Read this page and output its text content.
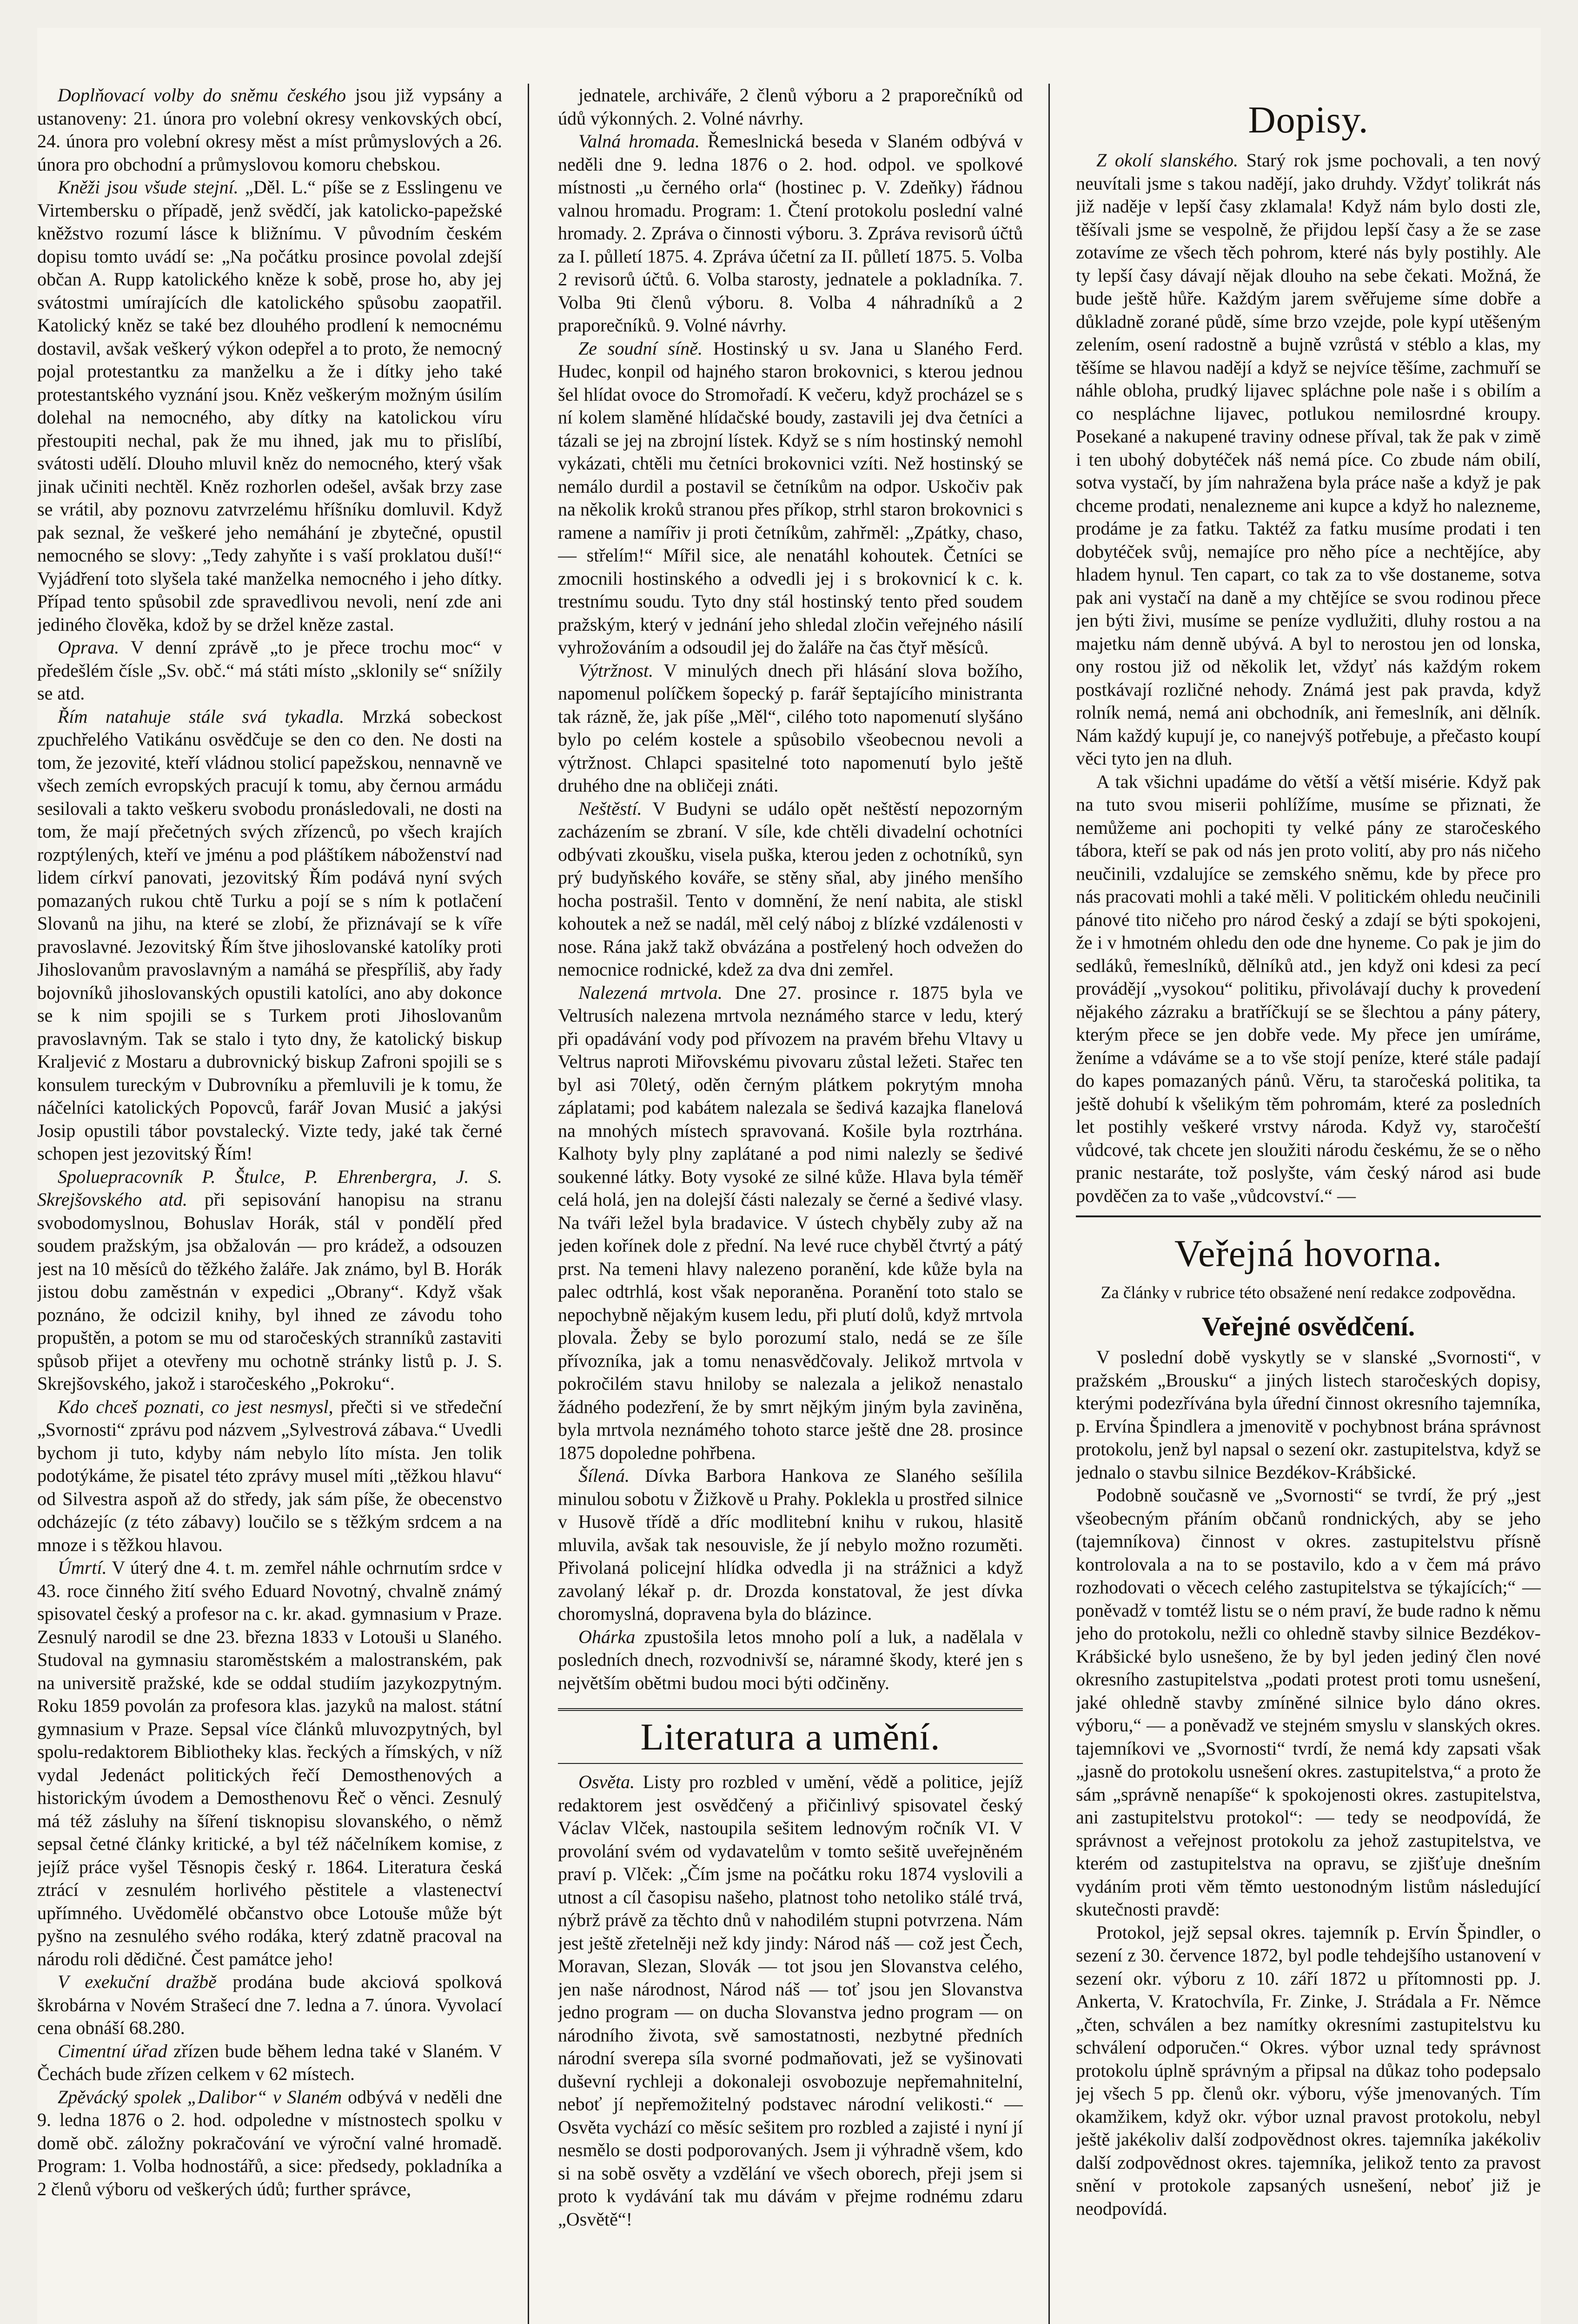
Doplňovací volby do sněmu českého jsou již vypsány a ustanoveny: 21. února pro volební okresy venkovských obcí, 24. února pro volební okresy měst a míst průmyslových a 26. února pro obchodní a průmyslovou komoru chebskou.

Kněži jsou všude stejní. „Děl. L.“ píše se z Esslingenu ve Virtembersku o případě, jenž svědčí, jak katolicko-papežské kněžstvo rozumí lásce k bližnímu. V původním českém dopisu tomto uvádí se: „Na počátku prosince povolal zdejší občan A. Rupp katolického kněze k sobě, prose ho, aby jej svátostmi umírajících dle katolického spůsobu zaopatřil. Katolický kněz se také bez dlouhého prodlení k nemocnému dostavil, avšak veškerý výkon odepřel a to proto, že nemocný pojal protestantku za manželku a že i dítky jeho také protestantského vyznání jsou. Kněz veškerým možným úsilím dolehal na nemocného, aby dítky na katolickou víru přestoupiti nechal, pak že mu ihned, jak mu to přislíbí, svátosti udělí. Dlouho mluvil kněz do nemocného, který však jinak učiniti nechtěl. Kněz rozhorlen odešel, avšak brzy zase se vrátil, aby poznovu zatvrzelému hříšníku domluvil. Když pak seznal, že veškeré jeho nemáhání je zbytečné, opustil nemocného se slovy: „Tedy zahyňte i s vaší proklatou duší!“ Vyjádření toto slyšela také manželka nemocného i jeho dítky. Případ tento spůsobil zde spravedlivou nevoli, není zde ani jediného člověka, kdož by se držel kněze zastal.

Oprava. V denní zprávě „to je přece trochu moc“ v předešlém čísle „Sv. obč.“ má státi místo „sklonily se“ snížily se atd.

Řím natahuje stále svá tykadla. Mrzká sobeckost zpuchřelého Vatikánu osvědčuje se den co den. Ne dosti na tom, že jezovité, kteří vládnou stolicí papežskou, nennavně ve všech zemích evropských pracují k tomu, aby černou armádu sesilovali a takto veškeru svobodu pronásledovali, ne dosti na tom, že mají přečetných svých zřízenců, po všech krajích rozptýlených, kteří ve jménu a pod pláštíkem náboženství nad lidem církví panovati, jezovitský Řím podává nyní svých pomazaných rukou chtě Turku a pojí se s ním k potlačení Slovanů na jihu, na které se zlobí, že přiznávají se k víře pravoslavné. Jezovitský Řím štve jihoslovanské katolíky proti Jihoslovanům pravoslavným a namáhá se přespříliš, aby řady bojovníků jihoslovanských opustili katolíci, ano aby dokonce se k nim spojili se s Turkem proti Jihoslovanům pravoslavným. Tak se stalo i tyto dny, že katolický biskup Kraljević z Mostaru a dubrovnický biskup Zafroni spojili se s konsulem tureckým v Dubrovníku a přemluvili je k tomu, že náčelníci katolických Popovců, farář Jovan Musić a jakýsi Josip opustili tábor povstalecký. Vizte tedy, jaké tak černé schopen jest jezovitský Řím!

Spoluepracovník P. Štulce, P. Ehrenbergra, J. S. Skrejšovského atd. při sepisování hanopisu na stranu svobodomyslnou, Bohuslav Horák, stál v pondělí před soudem pražským, jsa obžalován — pro krádež, a odsouzen jest na 10 měsíců do těžkého žaláře. Jak známo, byl B. Horák jistou dobu zaměstnán v expedici „Obrany“. Když však poznáno, že odcizil knihy, byl ihned ze závodu toho propuštěn, a potom se mu od staročeských stranníků zastaviti spůsob přijet a otevřeny mu ochotně stránky listů p. J. S. Skrejšovského, jakož i staročeského „Pokroku“.

Kdo chceš poznati, co jest nesmysl, přečti si ve středeční „Svornosti“ zprávu pod názvem „Sylvestrová zábava.“ Uvedli bychom ji tuto, kdyby nám nebylo líto místa. Jen tolik podotýkáme, že pisatel této zprávy musel míti „těžkou hlavu“ od Silvestra aspoň až do středy, jak sám píše, že obecenstvo odcházejíc (z této zábavy) loučilo se s těžkým srdcem a na mnoze i s těžkou hlavou.

Úmrtí. V úterý dne 4. t. m. zemřel náhle ochrnutím srdce v 43. roce činného žití svého Eduard Novotný, chvalně známý spisovatel český a profesor na c. kr. akad. gymnasium v Praze. Zesnulý narodil se dne 23. března 1833 v Lotouši u Slaného. Studoval na gymnasiu staroměstském a malostranském, pak na universitě pražské, kde se oddal studiím jazykozpytným. Roku 1859 povolán za profesora klas. jazyků na malost. státní gymnasium v Praze. Sepsal více článků mluvozpytných, byl spolu-redaktorem Bibliotheky klas. řeckých a římských, v níž vydal Jedenáct politických řečí Demosthenových a historickým úvodem a Demosthenovu Řeč o věnci. Zesnulý má též zásluhy na šíření tisknopisu slovanského, o němž sepsal četné články kritické, a byl též náčelníkem komise, z jejíž práce vyšel Těsnopis český r. 1864. Literatura česká ztrácí v zesnulém horlivého pěstitele a vlastenectví upřímného. Uvědomělé občanstvo obce Lotouše může být pyšno na zesnulého svého rodáka, který zdatně pracoval na národu roli dědičné. Čest památce jeho!

V exekuční dražbě prodána bude akciová spolková škrobárna v Novém Strašecí dne 7. ledna a 7. února. Vyvolací cena obnáší 68.280.

Cimentní úřad zřízen bude během ledna také v Slaném. V Čechách bude zřízen celkem v 62 místech.

Zpěvácký spolek „Dalibor“ v Slaném odbývá v neděli dne 9. ledna 1876 o 2. hod. odpoledne v místnostech spolku v domě obč. záložny pokračování ve výroční valné hromadě. Program: 1. Volba hodnostářů, a sice: předsedy, pokladníka a 2 členů výboru od veškerých údů; further správce,

jednatele, archiváře, 2 členů výboru a 2 praporečníků od údů výkonných. 2. Volné návrhy.

Valná hromada. Řemeslnická beseda v Slaném odbývá v neděli dne 9. ledna 1876 o 2. hod. odpol. ve spolkové místnosti „u černého orla“ (hostinec p. V. Zdeňky) řádnou valnou hromadu. Program: 1. Čtení protokolu poslední valné hromady. 2. Zpráva o činnosti výboru. 3. Zpráva revisorů účtů za I. půlletí 1875. 4. Zpráva účetní za II. půlletí 1875. 5. Volba 2 revisorů účtů. 6. Volba starosty, jednatele a pokladníka. 7. Volba 9ti členů výboru. 8. Volba 4 náhradníků a 2 praporečníků. 9. Volné návrhy.

Ze soudní síně. Hostinský u sv. Jana u Slaného Ferd. Hudec, konpil od hajného staron brokovnici, s kterou jednou šel hlídat ovoce do Stromořadí. K večeru, když procházel se s ní kolem slaměné hlídačské boudy, zastavili jej dva četníci a tázali se jej na zbrojní lístek. Když se s ním hostinský nemohl vykázati, chtěli mu četníci brokovnici vzíti. Než hostinský se nemálo durdil a postavil se četníkům na odpor. Uskočiv pak na několik kroků stranou přes příkop, strhl staron brokovnici s ramene a namířiv ji proti četníkům, zahřměl: „Zpátky, chaso, — střelím!“ Mířil sice, ale nenatáhl kohoutek. Četníci se zmocnili hostinského a odvedli jej i s brokovnicí k c. k. trestnímu soudu. Tyto dny stál hostinský tento před soudem pražským, který v jednání jeho shledal zločin veřejného násilí vyhrožováním a odsoudil jej do žaláře na čas čtyř měsíců.

Výtržnost. V minulých dnech při hlásání slova božího, napomenul políčkem šopecký p. farář šeptajícího ministranta tak rázně, že, jak píše „Měl“, cilého toto napomenutí slyšáno bylo po celém kostele a spůsobilo všeobecnou nevoli a výtržnost. Chlapci spasitelné toto napomenutí bylo ještě druhého dne na obličeji znáti.

Neštěstí. V Budyni se událo opět neštěstí nepozorným zacházením se zbraní. V síle, kde chtěli divadelní ochotníci odbývati zkoušku, visela puška, kterou jeden z ochotníků, syn prý budyňského kováře, se stěny sňal, aby jiného menšího hocha postrašil. Tento v domnění, že není nabita, ale stiskl kohoutek a než se nadál, měl celý náboj z blízké vzdálenosti v nose. Rána jakž takž obvázána a postřelený hoch odvežen do nemocnice rodnické, kdež za dva dni zemřel.

Nalezená mrtvola. Dne 27. prosince r. 1875 byla ve Veltrusích nalezena mrtvola neznámého starce v ledu, který při opadávání vody pod přívozem na pravém břehu Vltavy u Veltrus naproti Miřovskému pivovaru zůstal ležeti. Stařec ten byl asi 70letý, oděn černým plátkem pokrytým mnoha záplatami; pod kabátem nalezala se šedivá kazajka flanelová na mnohých místech spravovaná. Košile byla roztrhána. Kalhoty byly plny zaplátané a pod nimi nalezly se šedivé soukenné látky. Boty vysoké ze silné kůže. Hlava byla téměř celá holá, jen na dolejší části nalezaly se černé a šedivé vlasy. Na tváři ležel byla bradavice. V ústech chyběly zuby až na jeden kořínek dole z přední. Na levé ruce chyběl čtvrtý a pátý prst. Na temeni hlavy nalezeno poranění, kde kůže byla na palec odtrhlá, kost však neporaněna. Poranění toto stalo se nepochybně nějakým kusem ledu, při plutí dolů, když mrtvola plovala. Žeby se bylo porozumí stalo, nedá se ze šíle přívozníka, jak a tomu nenasvědčovaly. Jelikož mrtvola v pokročilém stavu hniloby se nalezala a jelikož nenastalo žádného podezření, že by smrt nějkým jiným byla zaviněna, byla mrtvola neznámého tohoto starce ještě dne 28. prosince 1875 dopoledne pohřbena.

Šílená. Dívka Barbora Hankova ze Slaného sešílila minulou sobotu v Žižkově u Prahy. Poklekla u prostřed silnice v Husově třídě a dříc modlitební knihu v rukou, hlasitě mluvila, avšak tak nesouvisle, že jí nebylo možno rozuměti. Přivolaná policejní hlídka odvedla ji na strážnici a když zavolaný lékař p. dr. Drozda konstatoval, že jest dívka choromyslná, dopravena byla do blázince.

Ohárka zpustošila letos mnoho polí a luk, a nadělala v posledních dnech, rozvodnivší se, náramné škody, které jen s největším obětmi budou moci býti odčiněny.

Literatura a umění.

Osvěta. Listy pro rozbled v umění, vědě a politice, jejíž redaktorem jest osvědčený a přičinlivý spisovatel český Václav Vlček, nastoupila sešitem lednovým ročník VI. V provolání svém od vydavatelům v tomto sešitě uveřejněném praví p. Vlček: „Čím jsme na počátku roku 1874 vyslovili a utnost a cíl časopisu našeho, platnost toho netoliko stálé trvá, nýbrž právě za těchto dnů v nahodilém stupni potvrzena. Nám jest ještě zřetelněji než kdy jindy: Národ náš — což jest Čech, Moravan, Slezan, Slovák — tot jsou jen Slovanstva celého, jen naše národnost, Národ náš — toť jsou jen Slovanstva jedno program — on ducha Slovanstva jedno program — on národního života, svě samostatnosti, nezbytné předních národní sverepa síla svorné podmaňovati, jež se vyšinovati duševní rychleji a dokonaleji osvobozuje nepřemahnitelní, neboť jí nepřemožitelný podstavec národní velikosti.“ — Osvěta vychází co měsíc sešitem pro rozbled a zajisté i nyní jí nesmělo se dosti podporovaných. Jsem ji výhradně všem, kdo si na sobě osvěty a vzdělání ve všech oborech, přeji jsem si proto k vydávání tak mu dávám v přejme rodnému zdaru „Osvětě“!

Dopisy.

Z okolí slanského. Starý rok jsme pochovali, a ten nový neuvítali jsme s takou nadějí, jako druhdy. Vždyť tolikrát nás již naděje v lepší časy zklamala! Když nám bylo dosti zle, těšívali jsme se vespolně, že přijdou lepší časy a že se zase zotavíme ze všech těch pohrom, které nás byly postihly. Ale ty lepší časy dávají nějak dlouho na sebe čekati. Možná, že bude ještě hůře. Každým jarem svěřujeme síme dobře a důkladně zorané půdě, síme brzo vzejde, pole kypí utěšeným zelením, osení radostně a bujně vzrůstá v stéblo a klas, my těšíme se hlavou nadějí a když se nejvíce těšíme, zachmuří se náhle obloha, prudký lijavec spláchne pole naše i s obilím a co nespláchne lijavec, potlukou nemilosrdné kroupy. Posekané a nakupené traviny odnese příval, tak že pak v zimě i ten ubohý dobytéček náš nemá píce. Co zbude nám obilí, sotva vystačí, by jím nahražena byla práce naše a když je pak chceme prodati, nenalezneme ani kupce a když ho nalezneme, prodáme je za fatku. Taktéž za fatku musíme prodati i ten dobytéček svůj, nemajíce pro něho píce a nechtějíce, aby hladem hynul. Ten capart, co tak za to vše dostaneme, sotva pak ani vystačí na daně a my chtějíce se svou rodinou přece jen býti živi, musíme se peníze vydlužiti, dluhy rostou a na majetku nám denně ubývá. A byl to nerostou jen od lonska, ony rostou již od několik let, vždyť nás každým rokem postkávají rozličné nehody. Známá jest pak pravda, když rolník nemá, nemá ani obchodník, ani řemeslník, ani dělník. Nám každý kupují je, co nanejvýš potřebuje, a přečasto koupí věci tyto jen na dluh.

A tak všichni upadáme do větší a větší misérie. Když pak na tuto svou miserii pohlížíme, musíme se přiznati, že nemůžeme ani pochopiti ty velké pány ze staročeského tábora, kteří se pak od nás jen proto volití, aby pro nás ničeho neučinili, vzdalujíce se zemského sněmu, kde by přece pro nás pracovati mohli a také měli. V politickém ohledu neučinili pánové tito ničeho pro národ český a zdají se býti spokojeni, že i v hmotném ohledu den ode dne hyneme. Co pak je jim do sedláků, řemeslníků, dělníků atd., jen když oni kdesi za pecí provádějí „vysokou“ politiku, přivolávají duchy k provedení nějakého zázraku a bratříčkují se se šlechtou a pány pátery, kterým přece se jen dobře vede. My přece jen umíráme, ženíme a vdáváme se a to vše stojí peníze, které stále padají do kapes pomazaných pánů. Věru, ta staročeská politika, ta ještě dohubí k všelikým těm pohromám, které za posledních let postihly veškeré vrstvy národa. Když vy, staročeští vůdcové, tak chcete jen sloužiti národu českému, že se o něho pranic nestaráte, tož poslyšte, vám český národ asi bude povděčen za to vaše „vůdcovství.“ —

Veřejná hovorna.
Za články v rubrice této obsažené není redakce zodpovědna.
Veřejné osvědčení.

V poslední době vyskytly se v slanské „Svornosti“, v pražském „Brousku“ a jiných listech staročeských dopisy, kterými podezřívána byla úřední činnost okresního tajemníka, p. Ervína Špindlera a jmenovitě v pochybnost brána správnost protokolu, jenž byl napsal o sezení okr. zastupitelstva, když se jednalo o stavbu silnice Bezdékov-Krábšické.

Podobně současně ve „Svornosti“ se tvrdí, že prý „jest všeobecným přáním občanů rondnických, aby se jeho (tajemníkova) činnost v okres. zastupitelstvu přísně kontrolovala a na to se postavilo, kdo a v čem má právo rozhodovati o věcech celého zastupitelstva se týkajících;“ — poněvadž v tomtéž listu se o ném praví, že bude radno k němu jeho do protokolu, nežli co ohledně stavby silnice Bezdékov-Krábšické bylo usnešeno, že by byl jeden jediný člen nové okresního zastupitelstva „podati protest proti tomu usnešení, jaké ohledně stavby zmíněné silnice bylo dáno okres. výboru,“ — a poněvadž ve stejném smyslu v slanských okres. tajemníkovi ve „Svornosti“ tvrdí, že nemá kdy zapsati však „jasně do protokolu usnešení okres. zastupitelstva,“ a proto že sám „správně nenapíše“ k spokojenosti okres. zastupitelstva, ani zastupitelstvu protokol“: — tedy se neodpovídá, že správnost a veřejnost protokolu za jehož zastupitelstva, ve kterém od zastupitelstva na opravu, se zjišťuje dnešním vydáním proti věm těmto uestonodným listům následující skutečnosti pravdě:

Protokol, jejž sepsal okres. tajemník p. Ervín Špindler, o sezení z 30. července 1872, byl podle tehdejšího ustanovení v sezení okr. výboru z 10. září 1872 u přítomnosti pp. J. Ankerta, V. Kratochvíla, Fr. Zinke, J. Strádala a Fr. Němce „čten, schválen a bez namítky okresními zastupitelstvu ku schválení odporučen.“ Okres. výbor uznal tedy správnost protokolu úplně správným a připsal na důkaz toho podepsalo jej všech 5 pp. členů okr. výboru, výše jmenovaných. Tím okamžikem, když okr. výbor uznal pravost protokolu, nebyl ještě jakékoliv další zodpovědnost okres. tajemníka jakékoliv další zodpovědnost okres. tajemníka, jelikož tento za pravost snění v protokole zapsaných usnešení, neboť již je neodpovídá.
